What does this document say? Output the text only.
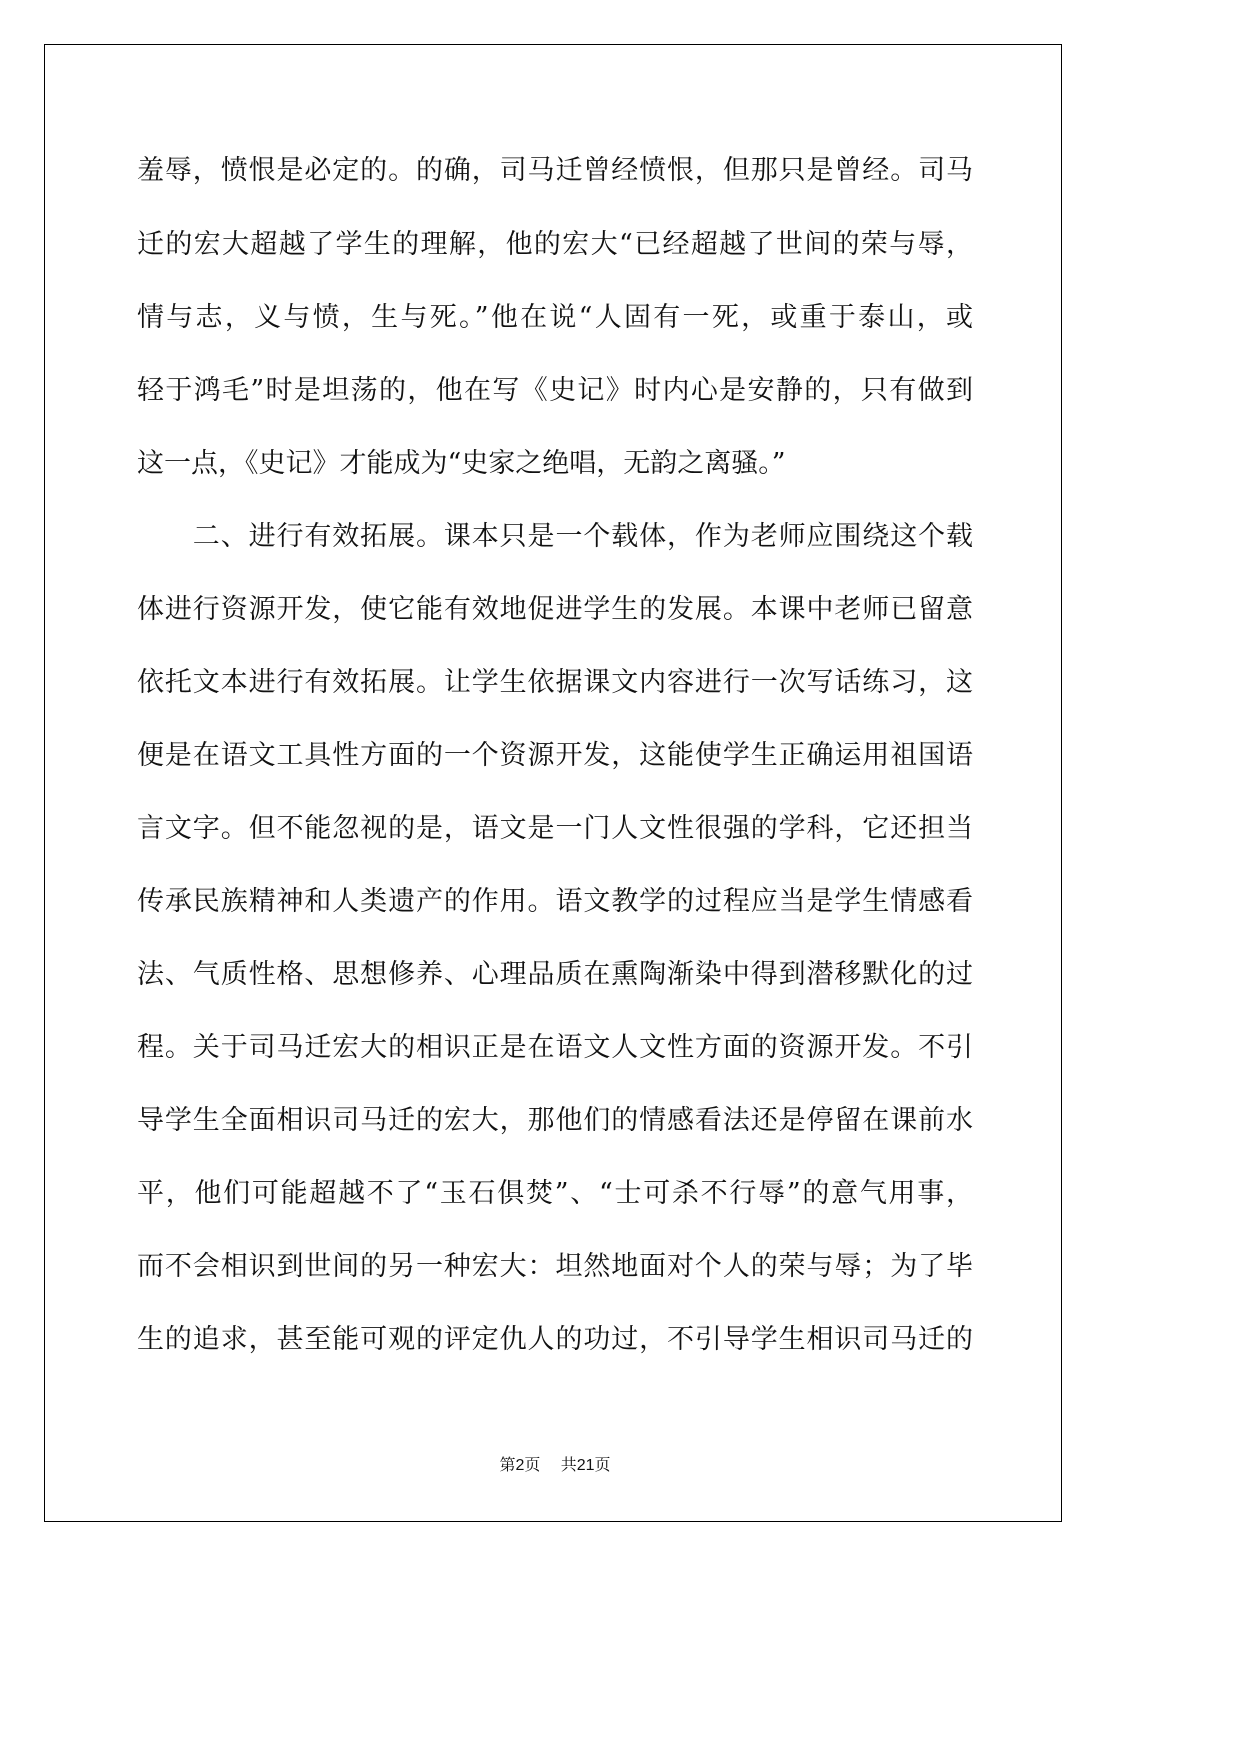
羞辱，愤恨是必定的。的确，司马迁曾经愤恨，但那只是曾经。司马

迁的宏大超越了学生的理解，他的宏大“已经超越了世间的荣与辱，

情与志，义与愤，生与死。”他在说“人固有一死，或重于泰山，或

轻于鸿毛”时是坦荡的，他在写《史记》时内心是安静的，只有做到

这一点，《史记》才能成为“史家之绝唱，无韵之离骚。”

　　二、进行有效拓展。课本只是一个载体，作为老师应围绕这个载

体进行资源开发，使它能有效地促进学生的发展。本课中老师已留意

依托文本进行有效拓展。让学生依据课文内容进行一次写话练习，这

便是在语文工具性方面的一个资源开发，这能使学生正确运用祖国语

言文字。但不能忽视的是，语文是一门人文性很强的学科，它还担当

传承民族精神和人类遗产的作用。语文教学的过程应当是学生情感看

法、气质性格、思想修养、心理品质在熏陶渐染中得到潜移默化的过

程。关于司马迁宏大的相识正是在语文人文性方面的资源开发。不引

导学生全面相识司马迁的宏大，那他们的情感看法还是停留在课前水

平，他们可能超越不了“玉石俱焚”、“士可杀不行辱”的意气用事，

而不会相识到世间的另一种宏大：坦然地面对个人的荣与辱；为了毕

生的追求，甚至能可观的评定仇人的功过，不引导学生相识司马迁的

第2页 共21页
